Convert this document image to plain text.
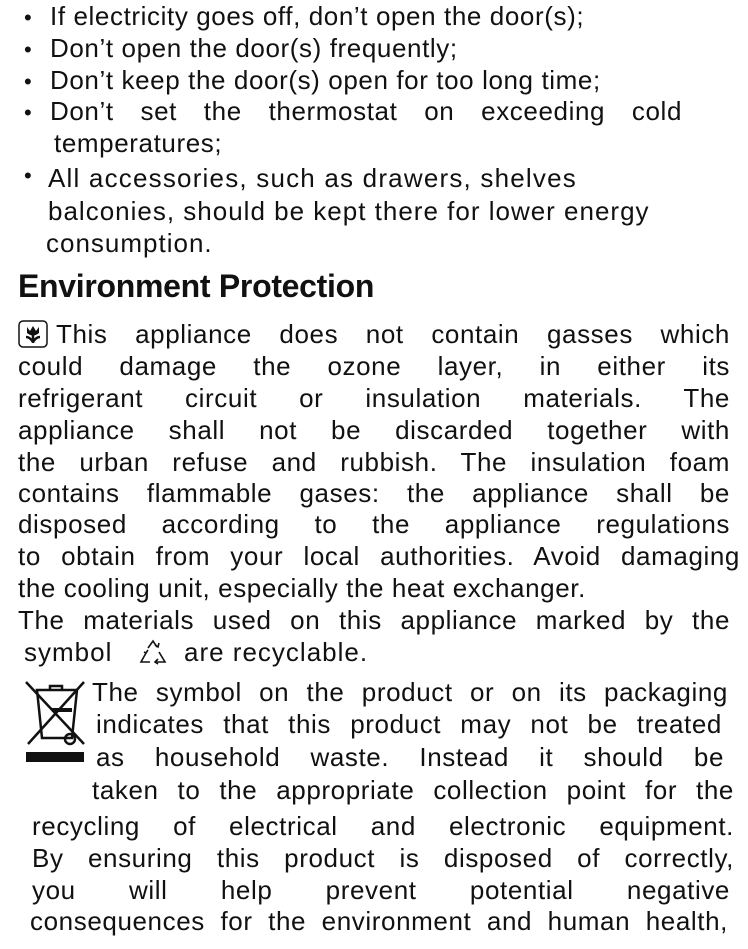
• If electricity goes off, don’t open the door(s);
• Don’t open the door(s) frequently;
• Don’t keep the door(s) open for too long time;
• Don’t set the thermostat on exceeding cold
temperatures;
• All accessories, such as drawers, shelves
balconies, should be kept there for lower energy
consumption.
Environment Protection
This appliance does not contain gasses which
could damage the ozone layer, in either its
refrigerant circuit or insulation materials. The
appliance shall not be discarded together with
the urban refuse and rubbish. The insulation foam
contains flammable gases: the appliance shall be
disposed according to the appliance regulations
to obtain from your local authorities. Avoid damaging
the cooling unit, especially the heat exchanger.
The materials used on this appliance marked by the
symbol	are recyclable.
The symbol on the product or on its packaging
indicates that this product may not be treated
as household waste. Instead it should be
taken to the appropriate collection point for the
recycling of electrical and electronic equipment.
By ensuring this product is disposed of correctly,
you will help prevent potential negative
consequences for the environment and human health,
